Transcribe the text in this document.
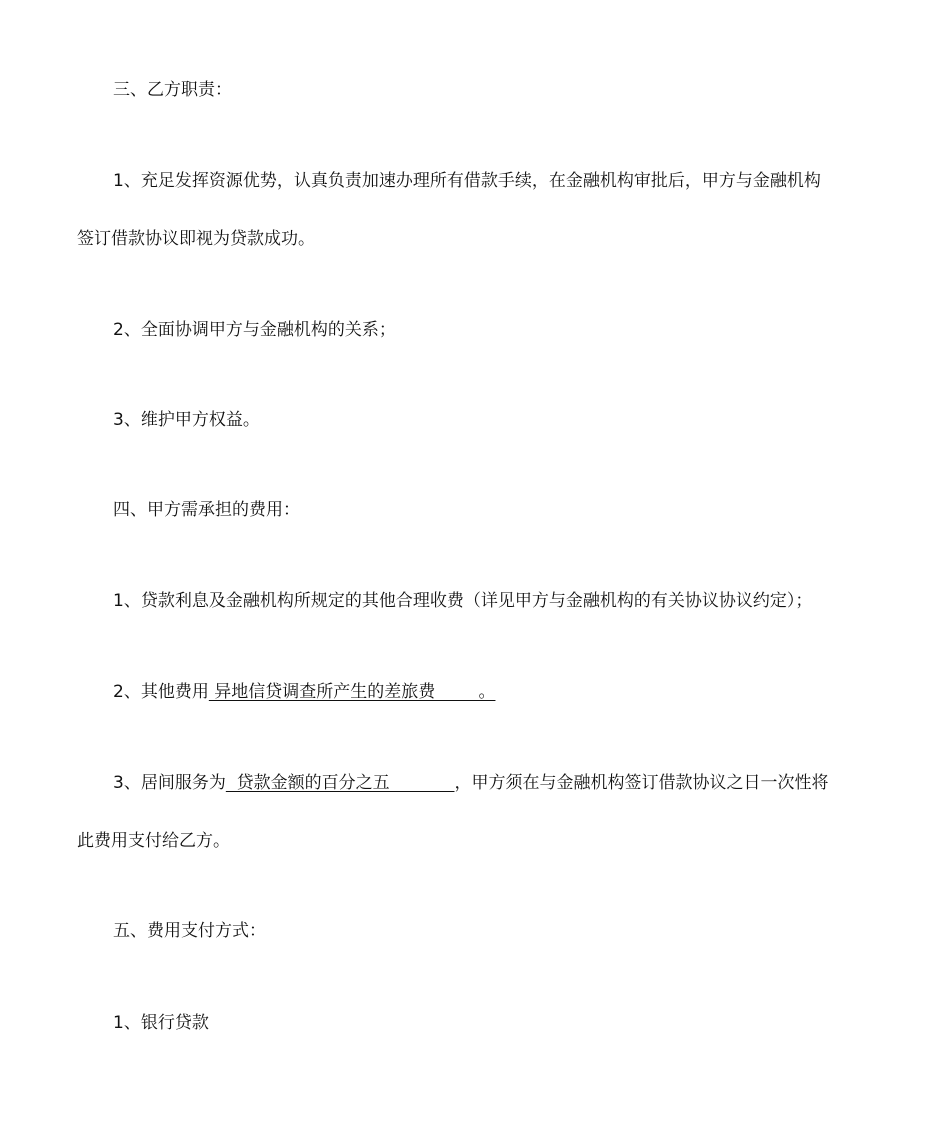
三、乙方职责：
1、充足发挥资源优势，认真负责加速办理所有借款手续，在金融机构审批后，甲方与金融机构
签订借款协议即视为贷款成功。
2、全面协调甲方与金融机构的关系；
3、维护甲方权益。
四、甲方需承担的费用：
1、贷款利息及金融机构所规定的其他合理收费（详见甲方与金融机构的有关协议协议约定）；
2、其他费用 异地信贷调查所产生的差旅费        。
3、居间服务为  贷款金额的百分之五            ，甲方须在与金融机构签订借款协议之日一次性将
此费用支付给乙方。
五、费用支付方式：
1、银行贷款
